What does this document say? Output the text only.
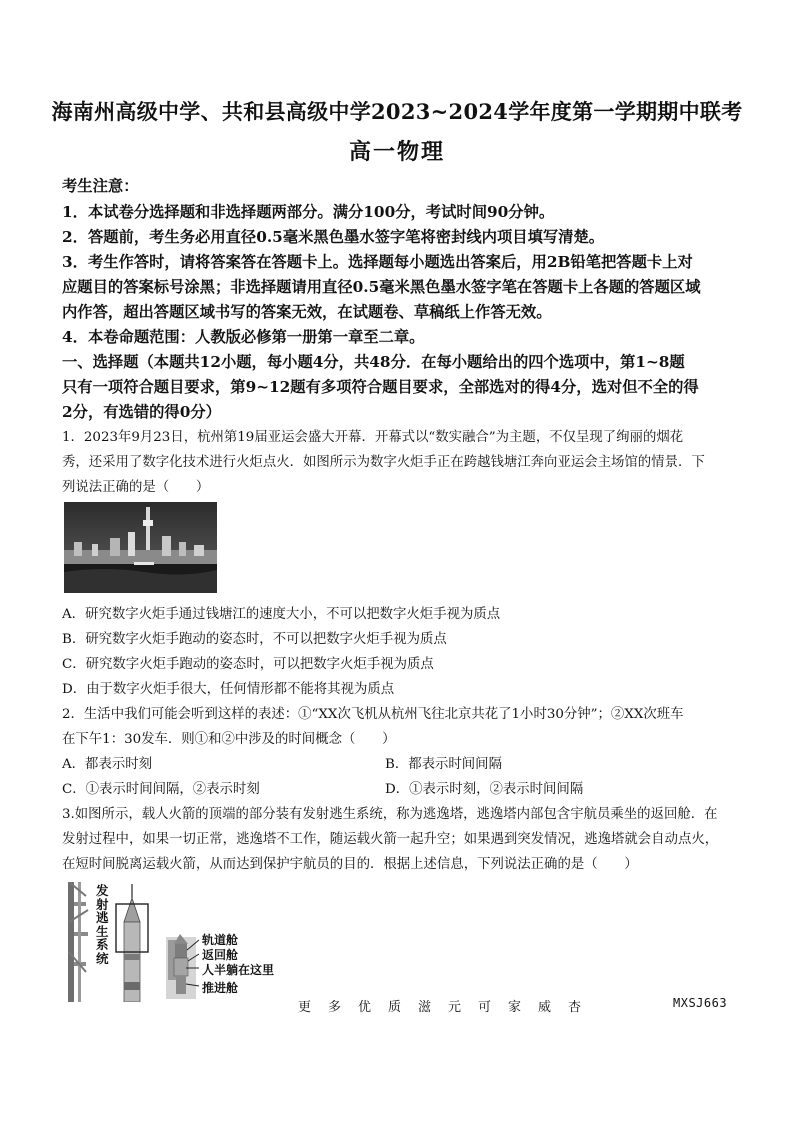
海南州高级中学、共和县高级中学2023~2024学年度第一学期期中联考
高一物理
考生注意：
1．本试卷分选择题和非选择题两部分。满分100分，考试时间90分钟。
2．答题前，考生务必用直径0.5毫米黑色墨水签字笔将密封线内项目填写清楚。
3．考生作答时，请将答案答在答题卡上。选择题每小题选出答案后，用2B铅笔把答题卡上对
应题目的答案标号涂黑；非选择题请用直径0.5毫米黑色墨水签字笔在答题卡上各题的答题区域
内作答，超出答题区域书写的答案无效，在试题卷、草稿纸上作答无效。
4．本卷命题范围：人教版必修第一册第一章至二章。
一、选择题（本题共12小题，每小题4分，共48分．在每小题给出的四个选项中，第1~8题
只有一项符合题目要求，第9~12题有多项符合题目要求，全部选对的得4分，选对但不全的得
2分，有选错的得0分）
1．2023年9月23日，杭州第19届亚运会盛大开幕．开幕式以“数实融合”为主题，不仅呈现了绚丽的烟花
秀，还采用了数字化技术进行火炬点火．如图所示为数字火炬手正在跨越钱塘江奔向亚运会主场馆的情景．下
列说法正确的是（　　）
A．研究数字火炬手通过钱塘江的速度大小，不可以把数字火炬手视为质点
B．研究数字火炬手跑动的姿态时，不可以把数字火炬手视为质点
C．研究数字火炬手跑动的姿态时，可以把数字火炬手视为质点
D．由于数字火炬手很大，任何情形都不能将其视为质点
2．生活中我们可能会听到这样的表述：①“XX次飞机从杭州飞往北京共花了1小时30分钟”；②XX次班车
在下午1：30发车．则①和②中涉及的时间概念（　　）
A．都表示时刻	B．都表示时间间隔
C．①表示时间间隔，②表示时刻	D．①表示时刻，②表示时间间隔
3.如图所示，载人火箭的顶端的部分装有发射逃生系统，称为逃逸塔，逃逸塔内部包含宇航员乘坐的返回舱．在
发射过程中，如果一切正常，逃逸塔不工作，随运载火箭一起升空；如果遇到突发情况，逃逸塔就会自动点火，
在短时间脱离运载火箭，从而达到保护宇航员的目的．根据上述信息，下列说法正确的是（　　）
发
射
逃
生
系
统
轨道舱
返回舱
人半躺在这里
推进舱
更多优质滋元可家威杏	MXSJ663
